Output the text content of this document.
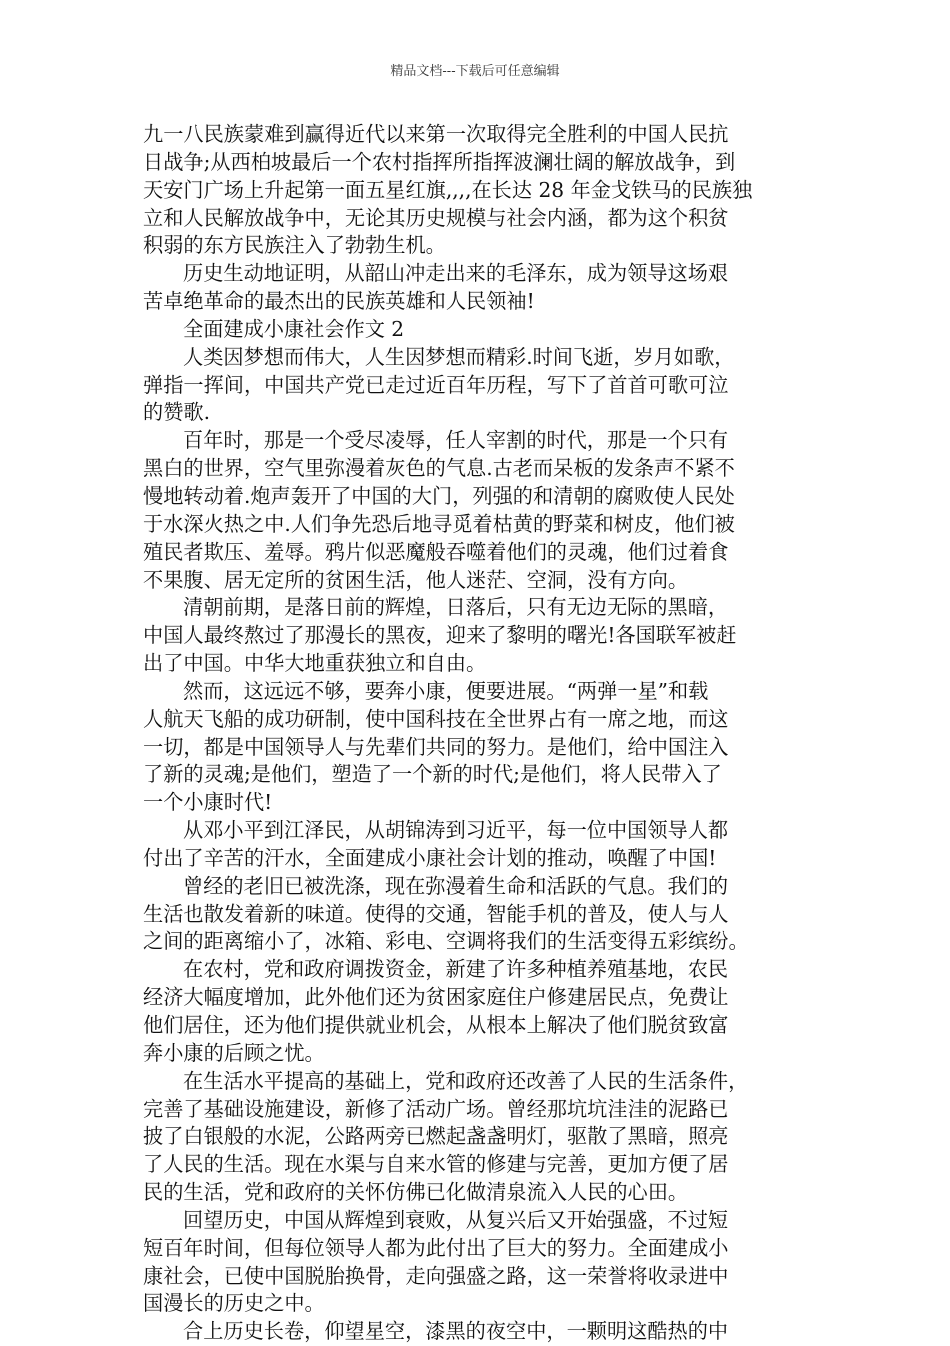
精品文档---下载后可任意编辑
九一八民族蒙难到赢得近代以来第一次取得完全胜利的中国人民抗
日战争;从西柏坡最后一个农村指挥所指挥波澜壮阔的解放战争，到
天安门广场上升起第一面五星红旗,,,,在长达 28 年金戈铁马的民族独
立和人民解放战争中，无论其历史规模与社会内涵，都为这个积贫
积弱的东方民族注入了勃勃生机。
历史生动地证明，从韶山冲走出来的毛泽东，成为领导这场艰
苦卓绝革命的最杰出的民族英雄和人民领袖!
全面建成小康社会作文 2
人类因梦想而伟大，人生因梦想而精彩.时间飞逝，岁月如歌，
弹指一挥间，中国共产党已走过近百年历程，写下了首首可歌可泣
的赞歌.
百年时，那是一个受尽凌辱，任人宰割的时代，那是一个只有
黑白的世界，空气里弥漫着灰色的气息.古老而呆板的发条声不紧不
慢地转动着.炮声轰开了中国的大门，列强的和清朝的腐败使人民处
于水深火热之中.人们争先恐后地寻觅着枯黄的野菜和树皮，他们被
殖民者欺压、羞辱。鸦片似恶魔般吞噬着他们的灵魂，他们过着食
不果腹、居无定所的贫困生活，他人迷茫、空洞，没有方向。
清朝前期，是落日前的辉煌，日落后，只有无边无际的黑暗，
中国人最终熬过了那漫长的黑夜，迎来了黎明的曙光!各国联军被赶
出了中国。中华大地重获独立和自由。
然而，这远远不够，要奔小康，便要进展。“两弹一星”和载
人航天飞船的成功研制，使中国科技在全世界占有一席之地，而这
一切，都是中国领导人与先辈们共同的努力。是他们，给中国注入
了新的灵魂;是他们，塑造了一个新的时代;是他们，将人民带入了
一个小康时代!
从邓小平到江泽民，从胡锦涛到习近平，每一位中国领导人都
付出了辛苦的汗水，全面建成小康社会计划的推动，唤醒了中国!
曾经的老旧已被洗涤，现在弥漫着生命和活跃的气息。我们的
生活也散发着新的味道。使得的交通，智能手机的普及，使人与人
之间的距离缩小了，冰箱、彩电、空调将我们的生活变得五彩缤纷。
在农村，党和政府调拨资金，新建了许多种植养殖基地，农民
经济大幅度增加，此外他们还为贫困家庭住户修建居民点，免费让
他们居住，还为他们提供就业机会，从根本上解决了他们脱贫致富
奔小康的后顾之忧。
在生活水平提高的基础上，党和政府还改善了人民的生活条件，
完善了基础设施建设，新修了活动广场。曾经那坑坑洼洼的泥路已
披了白银般的水泥，公路两旁已燃起盏盏明灯，驱散了黑暗，照亮
了人民的生活。现在水渠与自来水管的修建与完善，更加方便了居
民的生活，党和政府的关怀仿佛已化做清泉流入人民的心田。
回望历史，中国从辉煌到衰败，从复兴后又开始强盛，不过短
短百年时间，但每位领导人都为此付出了巨大的努力。全面建成小
康社会，已使中国脱胎换骨，走向强盛之路，这一荣誉将收录进中
国漫长的历史之中。
合上历史长卷，仰望星空，漆黑的夜空中，一颗明这酷热的中
